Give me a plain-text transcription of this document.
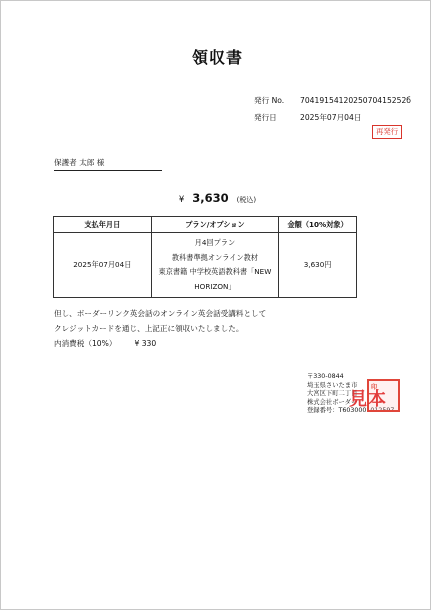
領収書
発行 No. 7041915412025070415252б
発行日	2025年07月04日
再発行
保護者 太郎 様
¥ 3,630 (税込)
支払年月日	プラン/オプション	金額（10%対象）
2025年07月04日	月4回プラン
教科書準拠オンライン教材
東京書籍 中学校英語教科書「NEW
HORIZON」	3,630円
但し、ボーダーリンク英会話のオンライン英会話受講料として
クレジットカードを通じ、上記正に領収いたしました。
内消費税（10%） ¥ 330
〒330-0844
埼玉県さいたま市
大宮区下町二丁目
株式会社ボーダー
登録番号：T6030001012597
印
見本
